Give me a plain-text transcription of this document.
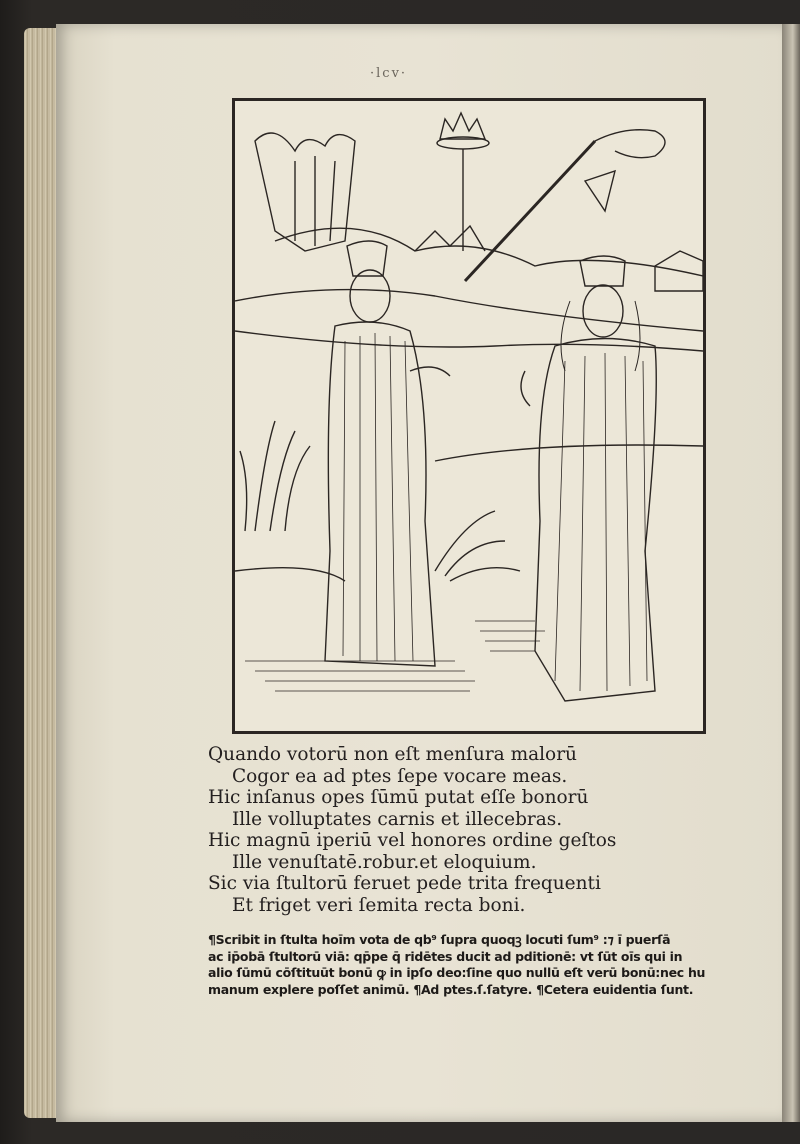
·lcv·
Quando votorū non eſt menſura malorū
Cogor ea ad ptes ſepe vocare meas.
Hic inſanus opes ſūmū putat eſſe bonorū
Ille volluptates carnis et illecebras.
Hic magnū iperiū vel honores ordine geſtos
Ille venuſtatē.robur.et eloquium.
Sic via ſtultorū feruet pede trita frequenti
Et friget veri ſemita recta boni.
¶Scribit in ſtulta hoīm vota de qb⁹ ſupra quoqꝫ locuti ſum⁹ :⁊ ī puerſā
ac ip̄obā ſtultorū viā: qp̄pe q̄ ridētes ducit ad pditionē: vt ſūt oīs qui in
alio ſūmū cōſtituūt bonū ꝙ in ipſo deo:ſine quo nullū eſt verū bonū:nec hu
manum explere poſſet animū. ¶Ad ptes.ſ.ſatyre. ¶Cetera euidentia ſunt.
